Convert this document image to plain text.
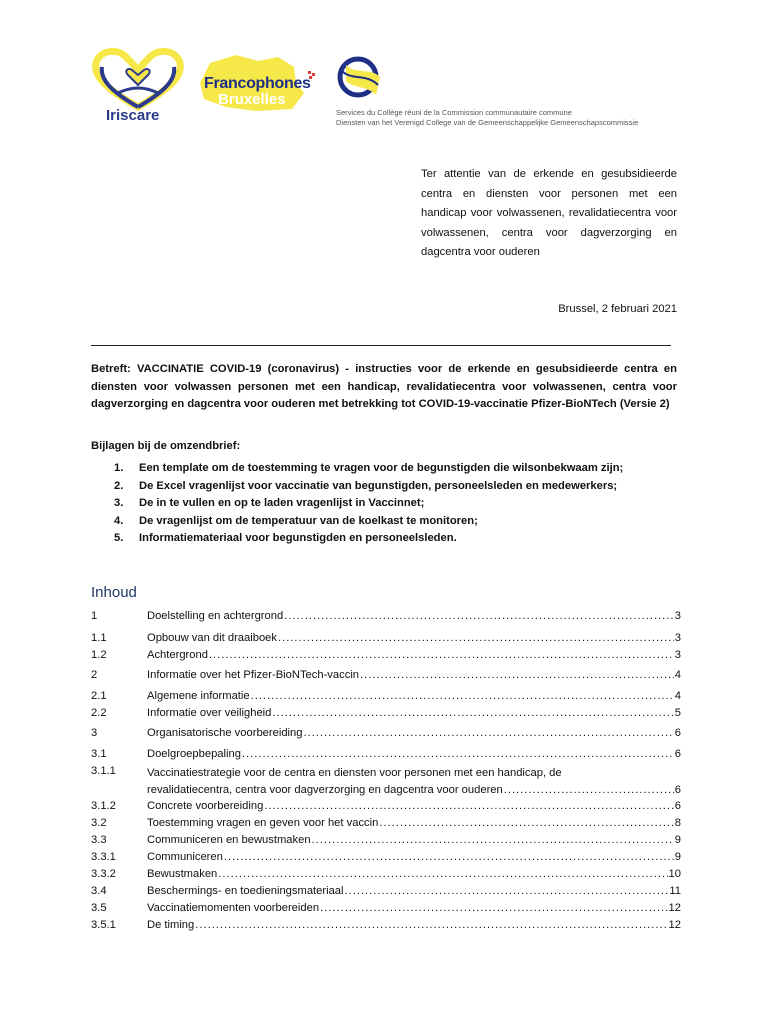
Iriscare
Francophones
Bruxelles
Services du Collège réuni de la Commission communautaire commune
Diensten van het Verenigd College van de Gemeenschappelijke Gemeenschapscommissie
Ter attentie van de erkende en gesubsidieerde centra en diensten voor personen met een handicap voor volwassenen, revalidatiecentra voor volwassenen, centra voor dagverzorging en dagcentra voor ouderen
Brussel, 2 februari 2021
Betreft: VACCINATIE COVID-19 (coronavirus) - instructies voor de erkende en gesubsidieerde centra en diensten voor volwassen personen met een handicap, revalidatiecentra voor volwassenen, centra voor dagverzorging en dagcentra voor ouderen met betrekking tot COVID-19-vaccinatie Pfizer-BioNTech (Versie 2)
Bijlagen bij de omzendbrief:
1.	Een template om de toestemming te vragen voor de begunstigden die wilsonbekwaam zijn;
2.	De Excel vragenlijst voor vaccinatie van begunstigden, personeelsleden en medewerkers;
3.	De in te vullen en op te laden vragenlijst in Vaccinnet;
4.	De vragenlijst om de temperatuur van de koelkast te monitoren;
5.	Informatiemateriaal voor begunstigden en personeelsleden.
Inhoud
1	Doelstelling en achtergrond .....	3
1.1	Opbouw van dit draaiboek .....	3
1.2	Achtergrond .....	3
2	Informatie over het Pfizer-BioNTech-vaccin .....	4
2.1	Algemene informatie .....	4
2.2	Informatie over veiligheid .....	5
3	Organisatorische voorbereiding .....	6
3.1	Doelgroepbepaling .....	6
3.1.1	Vaccinatiestrategie voor de centra en diensten voor personen met een handicap, de
revalidatiecentra, centra voor dagverzorging en dagcentra voor ouderen .....	6
3.1.2	Concrete voorbereiding .....	6
3.2	Toestemming vragen en geven voor het vaccin .....	8
3.3	Communiceren en bewustmaken .....	9
3.3.1	Communiceren .....	9
3.3.2	Bewustmaken .....	10
3.4	Beschermings- en toedieningsmateriaal .....	11
3.5	Vaccinatiemomenten voorbereiden .....	12
3.5.1	De timing .....	12
